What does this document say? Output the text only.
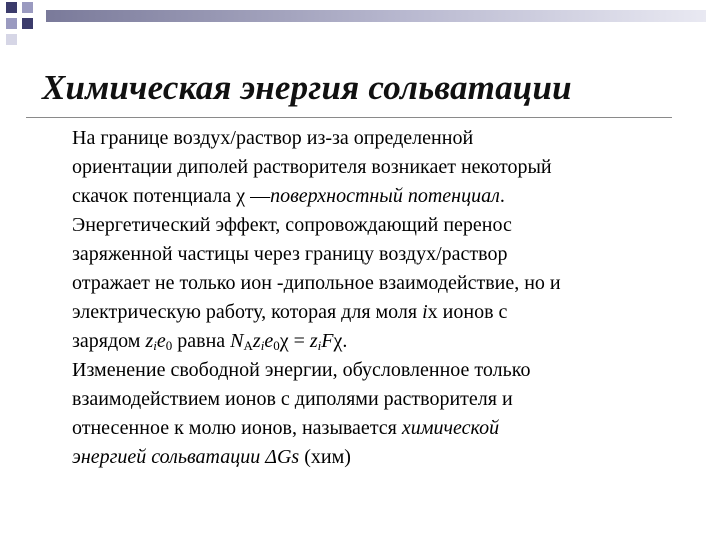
Химическая энергия сольватации
На границе воздух/раствор из-за определенной
ориентации диполей растворителя возникает некоторый
скачок потенциала χ —поверхностный потенциал.
Энергетический эффект, сопровождающий перенос
заряженной частицы через границу воздух/раствор
отражает не только ион -дипольное взаимодействие, но и
электрическую работу, которая для моля iх ионов с
зарядом $z_ie_0$ равна $N_Az_ie_0\chi = z_iF\chi$.
Изменение свободной энергии, обусловленное только
взаимодействием ионов с диполями растворителя и
отнесенное к молю ионов, называется химической
энергией сольватации ΔGs (хим)
